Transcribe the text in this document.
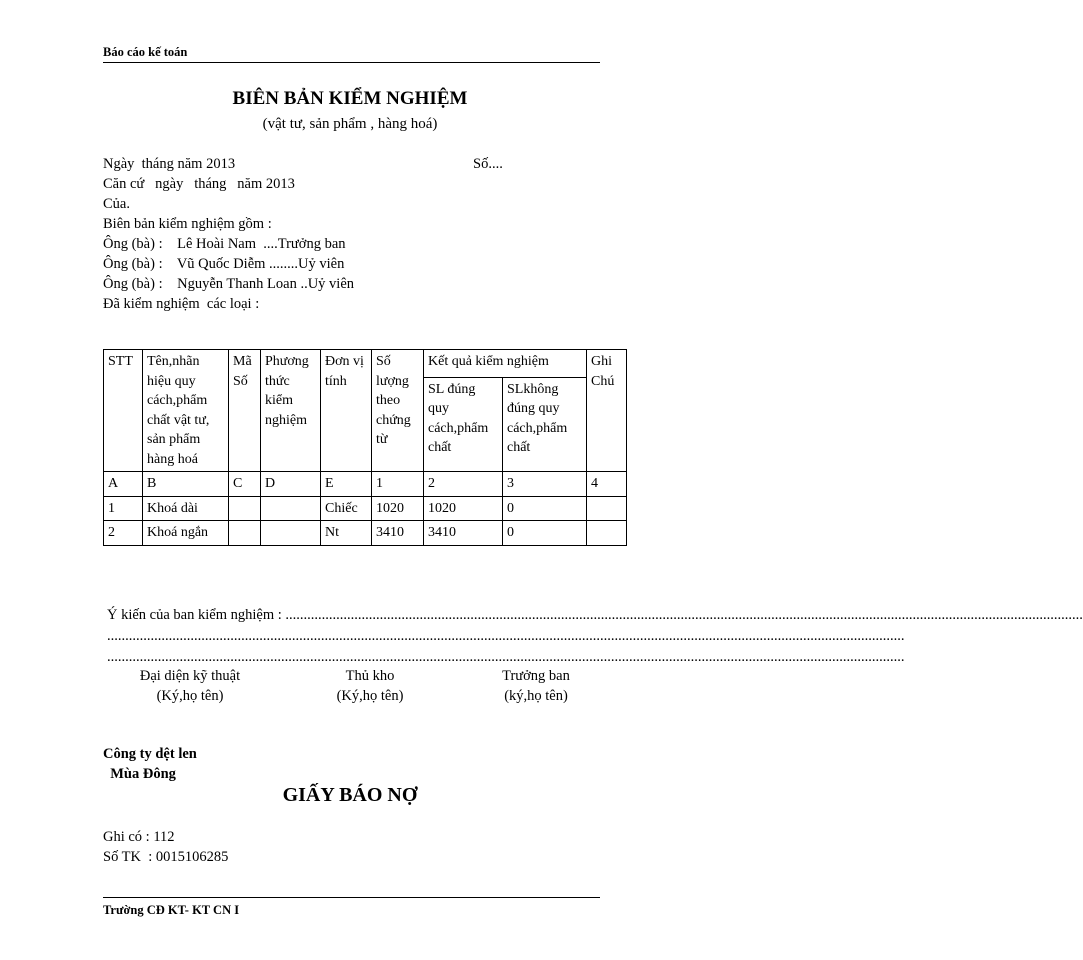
Báo cáo kế toán
BIÊN BẢN KIỂM NGHIỆM
(vật tư, sản phẩm , hàng hoá)
Ngày  tháng năm 2013	Số....
Căn cứ   ngày   tháng   năm 2013
Của.
Biên bản kiểm nghiệm gồm :
Ông (bà) :    Lê Hoài Nam  ....Trưởng ban
Ông (bà) :    Vũ Quốc Diễm ........Uỷ viên
Ông (bà) :    Nguyễn Thanh Loan ..Uỷ viên
Đã kiểm nghiệm  các loại :
STT	Tên,nhãn hiệu quy cách,phẩm chất vật tư, sản phẩm hàng hoá	Mã Số	Phương thức kiểm nghiệm	Đơn vị tính	Số lượng theo chứng từ	Kết quả kiểm nghiệm		Ghi Chú
						SL đúng quy cách,phẩm chất	SLkhông đúng quy cách,phẩm chất	
A	B	C	D	E	1	2	3	4
1	Khoá dài			Chiếc	1020	1020	0	
2	Khoá ngắn			Nt	3410	3410	0	
Ý kiến của ban kiểm nghiệm : ............................................................................................................................................................................................................................
............................................................................................................................................................................................................................
............................................................................................................................................................................................................................
Đại diện kỹ thuật
(Ký,họ tên)
Thủ kho
(Ký,họ tên)
Trưởng ban
(ký,họ tên)
Công ty dệt len
Mùa Đông
GIẤY BÁO NỢ
Ghi có : 112
Số TK  : 0015106285
Trường CĐ KT- KT CN I
